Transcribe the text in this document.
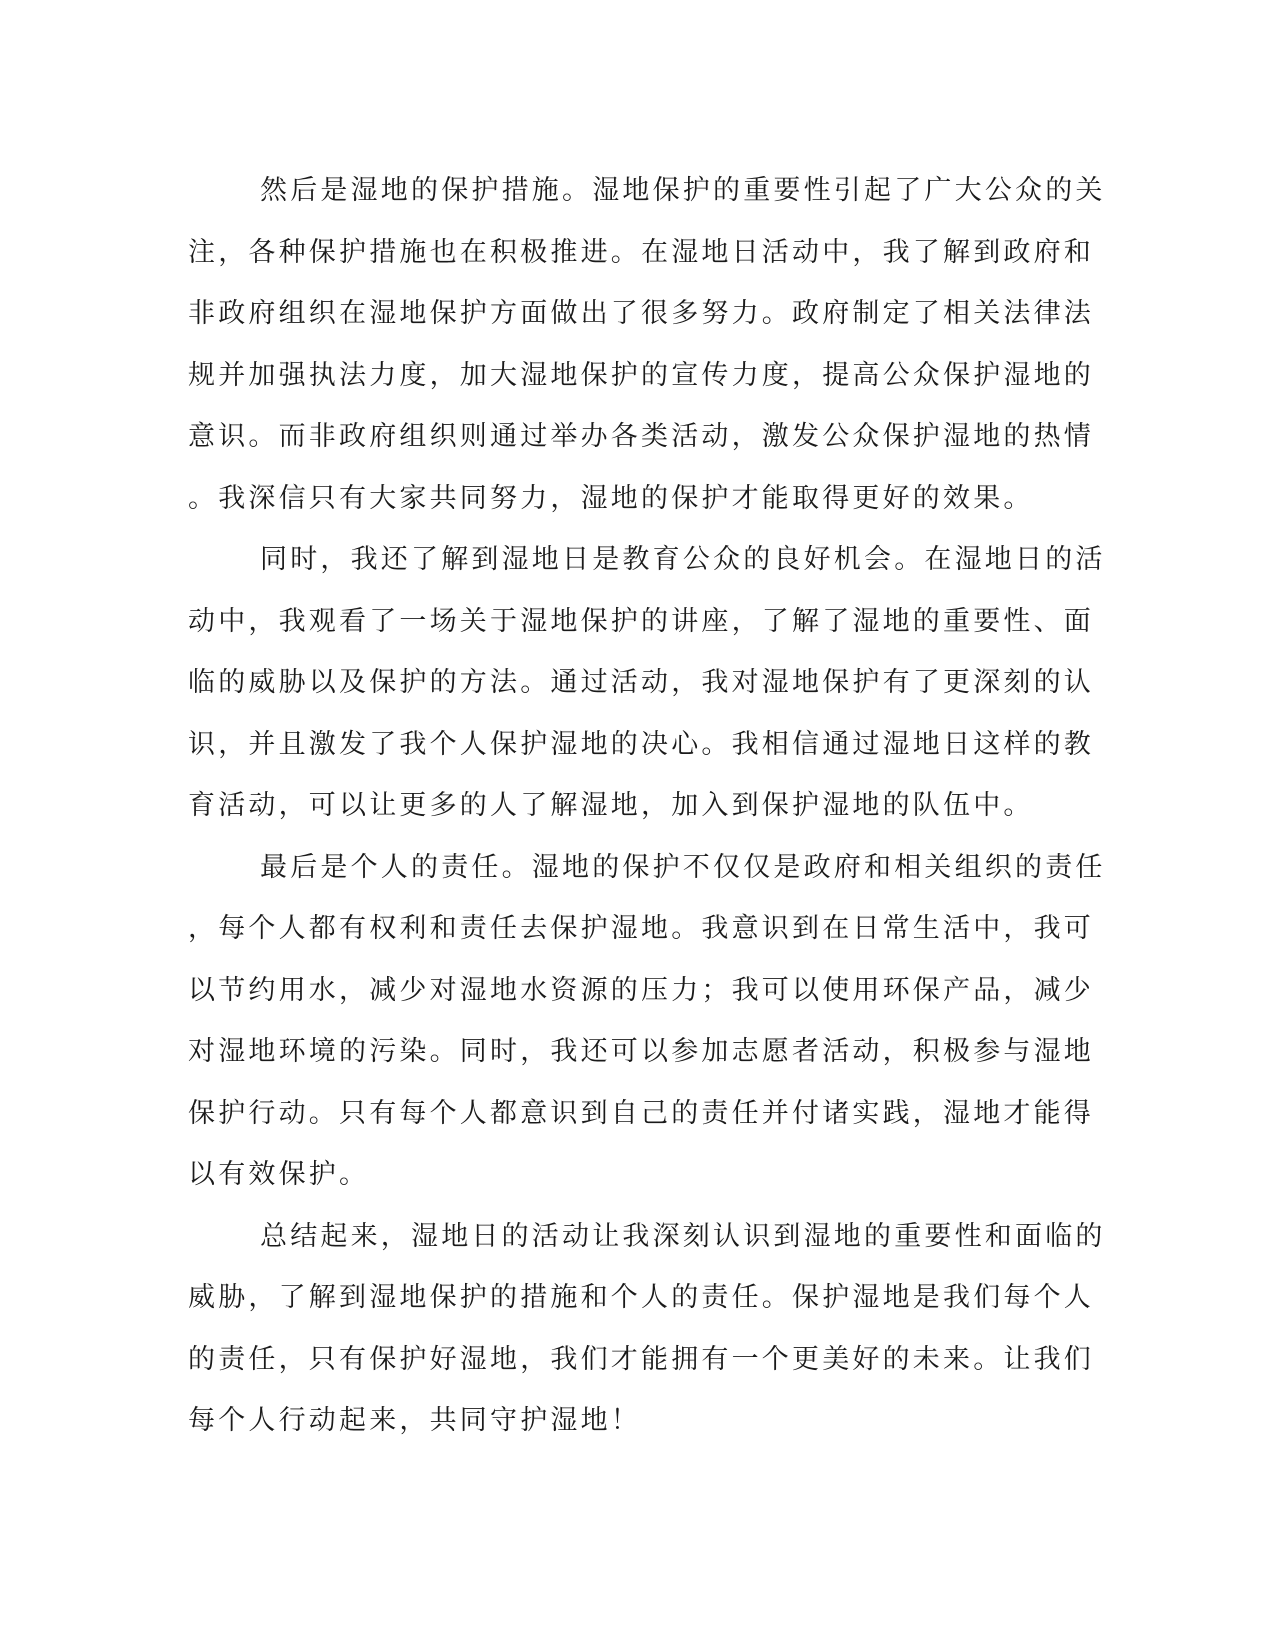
然后是湿地的保护措施。湿地保护的重要性引起了广大公众的关
注，各种保护措施也在积极推进。在湿地日活动中，我了解到政府和
非政府组织在湿地保护方面做出了很多努力。政府制定了相关法律法
规并加强执法力度，加大湿地保护的宣传力度，提高公众保护湿地的
意识。而非政府组织则通过举办各类活动，激发公众保护湿地的热情
。我深信只有大家共同努力，湿地的保护才能取得更好的效果。
同时，我还了解到湿地日是教育公众的良好机会。在湿地日的活
动中，我观看了一场关于湿地保护的讲座，了解了湿地的重要性、面
临的威胁以及保护的方法。通过活动，我对湿地保护有了更深刻的认
识，并且激发了我个人保护湿地的决心。我相信通过湿地日这样的教
育活动，可以让更多的人了解湿地，加入到保护湿地的队伍中。
最后是个人的责任。湿地的保护不仅仅是政府和相关组织的责任
，每个人都有权利和责任去保护湿地。我意识到在日常生活中，我可
以节约用水，减少对湿地水资源的压力；我可以使用环保产品，减少
对湿地环境的污染。同时，我还可以参加志愿者活动，积极参与湿地
保护行动。只有每个人都意识到自己的责任并付诸实践，湿地才能得
以有效保护。
总结起来，湿地日的活动让我深刻认识到湿地的重要性和面临的
威胁，了解到湿地保护的措施和个人的责任。保护湿地是我们每个人
的责任，只有保护好湿地，我们才能拥有一个更美好的未来。让我们
每个人行动起来，共同守护湿地！
